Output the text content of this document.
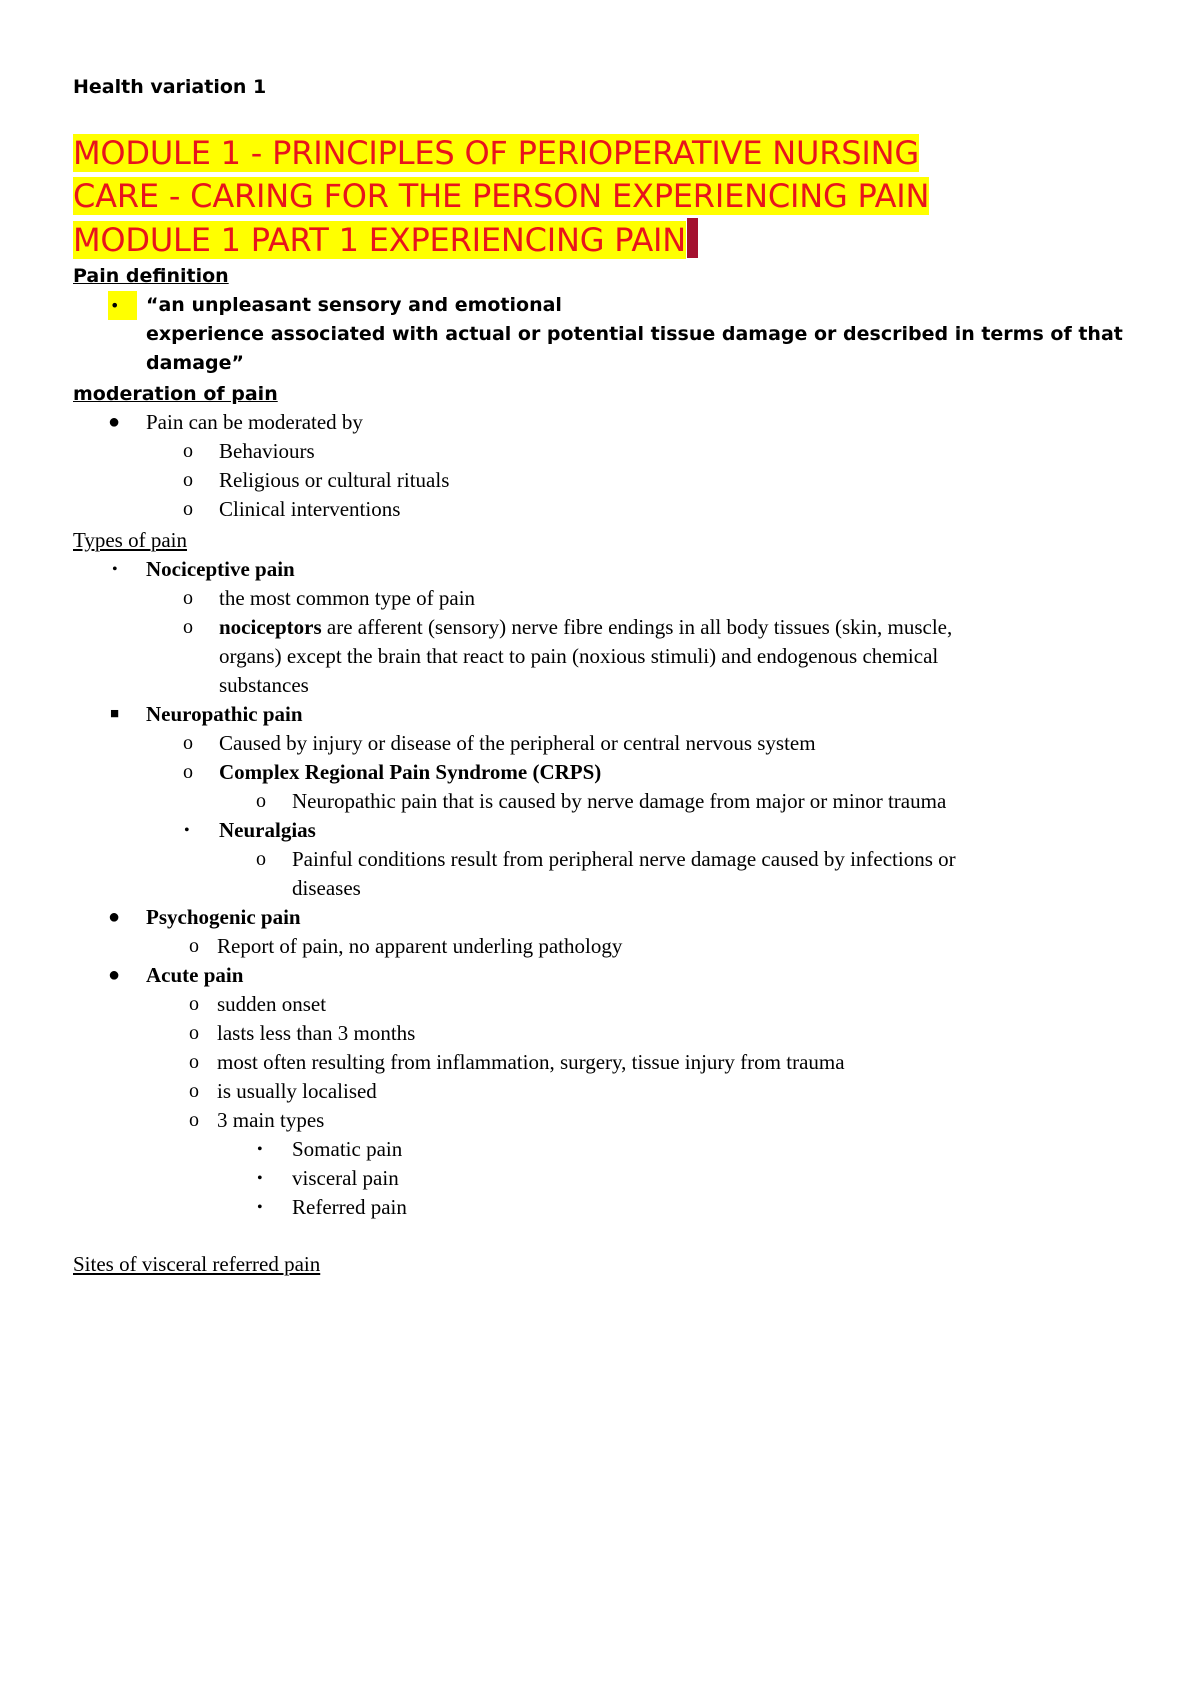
Health variation 1
MODULE 1 - PRINCIPLES OF PERIOPERATIVE NURSING
CARE - CARING FOR THE PERSON EXPERIENCING PAIN
MODULE 1 PART 1 EXPERIENCING PAIN
Pain definition
•	“an unpleasant sensory and emotional
experience associated with actual or potential tissue damage or described in terms of that
damage”
moderation of pain
● Pain can be moderated by
o Behaviours
o Religious or cultural rituals
o Clinical interventions
Types of pain
• Nociceptive pain
o the most common type of pain
o nociceptors are afferent (sensory) nerve fibre endings in all body tissues (skin, muscle,
organs) except the brain that react to pain (noxious stimuli) and endogenous chemical
substances
■ Neuropathic pain
o Caused by injury or disease of the peripheral or central nervous system
o Complex Regional Pain Syndrome (CRPS)
o Neuropathic pain that is caused by nerve damage from major or minor trauma
• Neuralgias
o Painful conditions result from peripheral nerve damage caused by infections or
diseases
● Psychogenic pain
o Report of pain, no apparent underling pathology
● Acute pain
o sudden onset
o lasts less than 3 months
o most often resulting from inflammation, surgery, tissue injury from trauma
o is usually localised
o 3 main types
• Somatic pain
• visceral pain
• Referred pain
Sites of visceral referred pain
